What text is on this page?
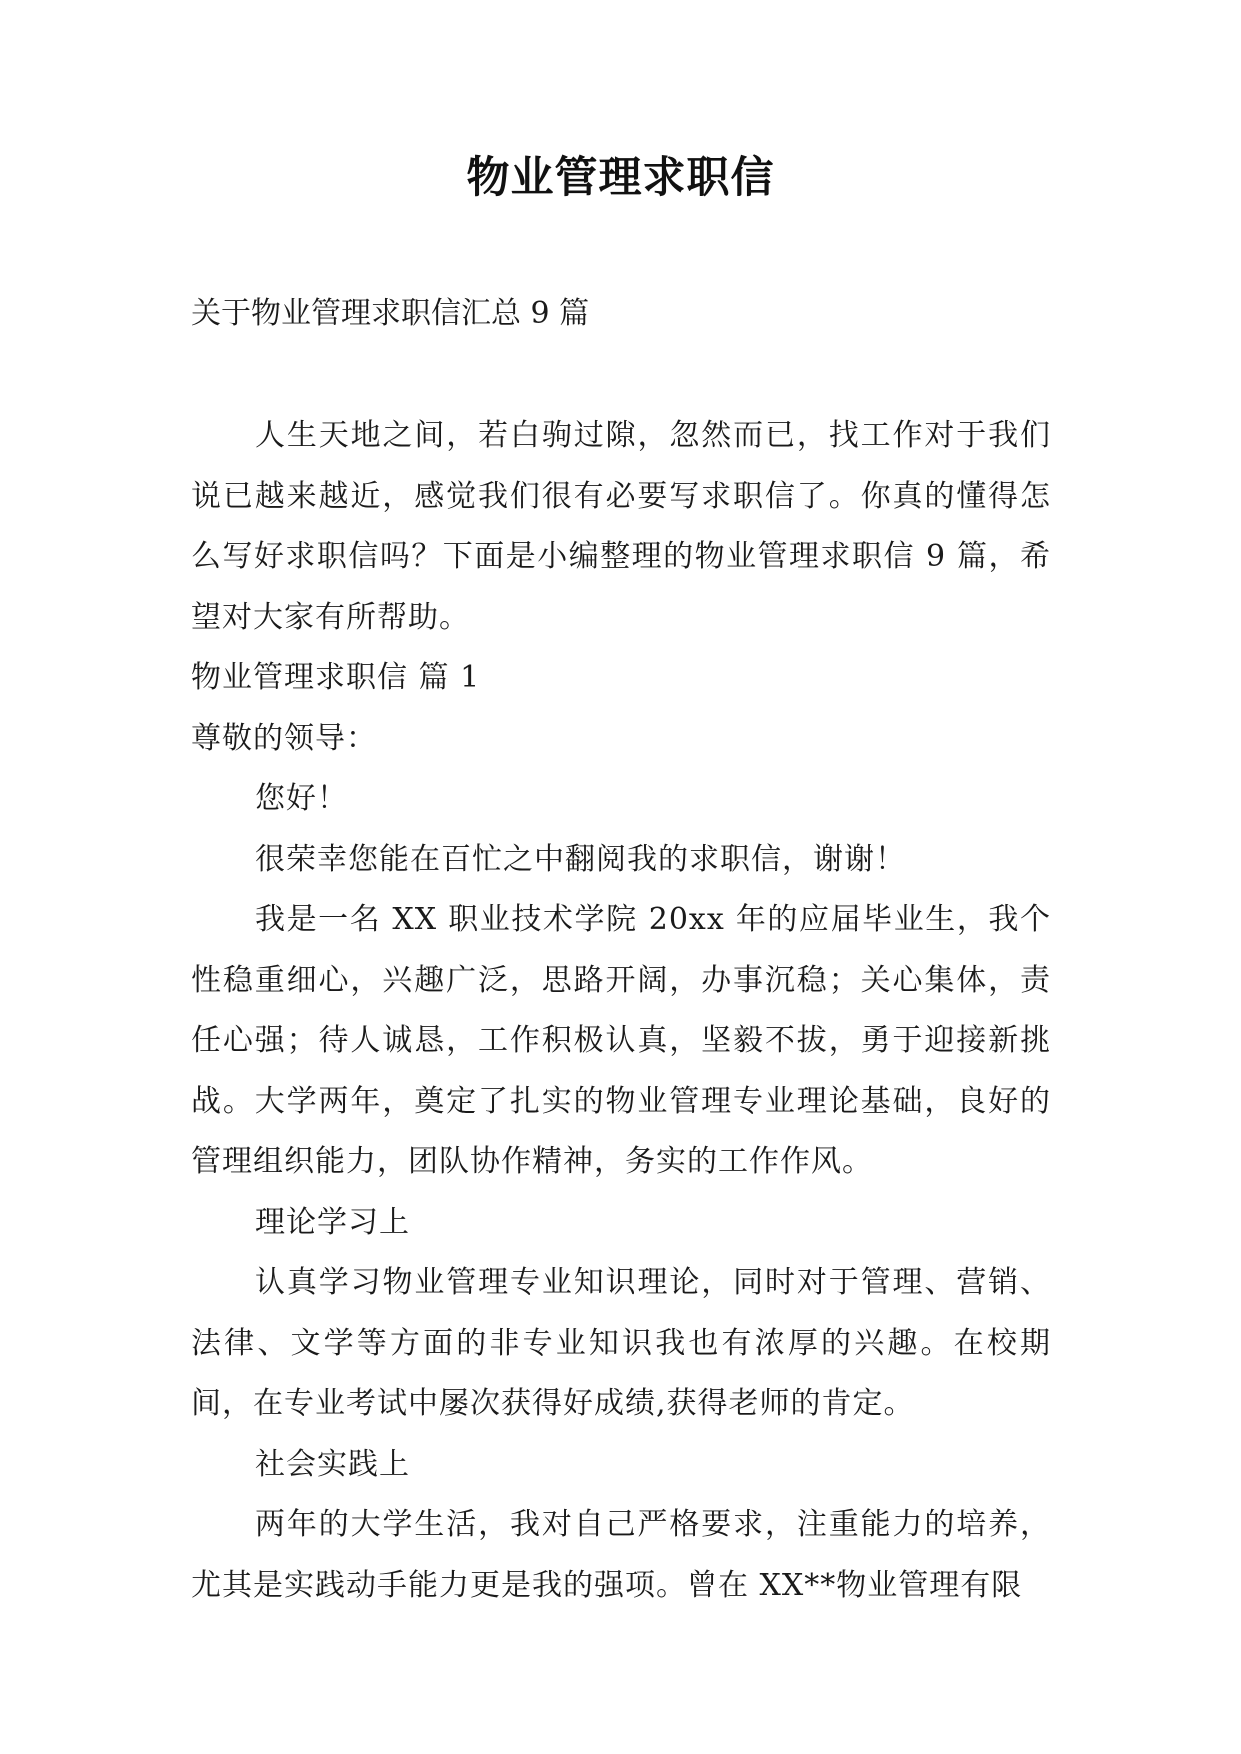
物业管理求职信
关于物业管理求职信汇总 9 篇

人生天地之间，若白驹过隙，忽然而已，找工作对于我们说已越来越近，感觉我们很有必要写求职信了。你真的懂得怎么写好求职信吗？下面是小编整理的物业管理求职信 9 篇，希望对大家有所帮助。

物业管理求职信 篇 1

尊敬的领导：

您好！

很荣幸您能在百忙之中翻阅我的求职信，谢谢！

我是一名 XX 职业技术学院 20xx 年的应届毕业生，我个性稳重细心，兴趣广泛，思路开阔，办事沉稳；关心集体，责任心强；待人诚恳，工作积极认真，坚毅不拔，勇于迎接新挑战。大学两年，奠定了扎实的物业管理专业理论基础，良好的管理组织能力，团队协作精神，务实的工作作风。

理论学习上

认真学习物业管理专业知识理论，同时对于管理、营销、法律、文学等方面的非专业知识我也有浓厚的兴趣。在校期间，在专业考试中屡次获得好成绩,获得老师的肯定。

社会实践上

两年的大学生活，我对自己严格要求，注重能力的培养，尤其是实践动手能力更是我的强项。曾在 XX**物业管理有限
